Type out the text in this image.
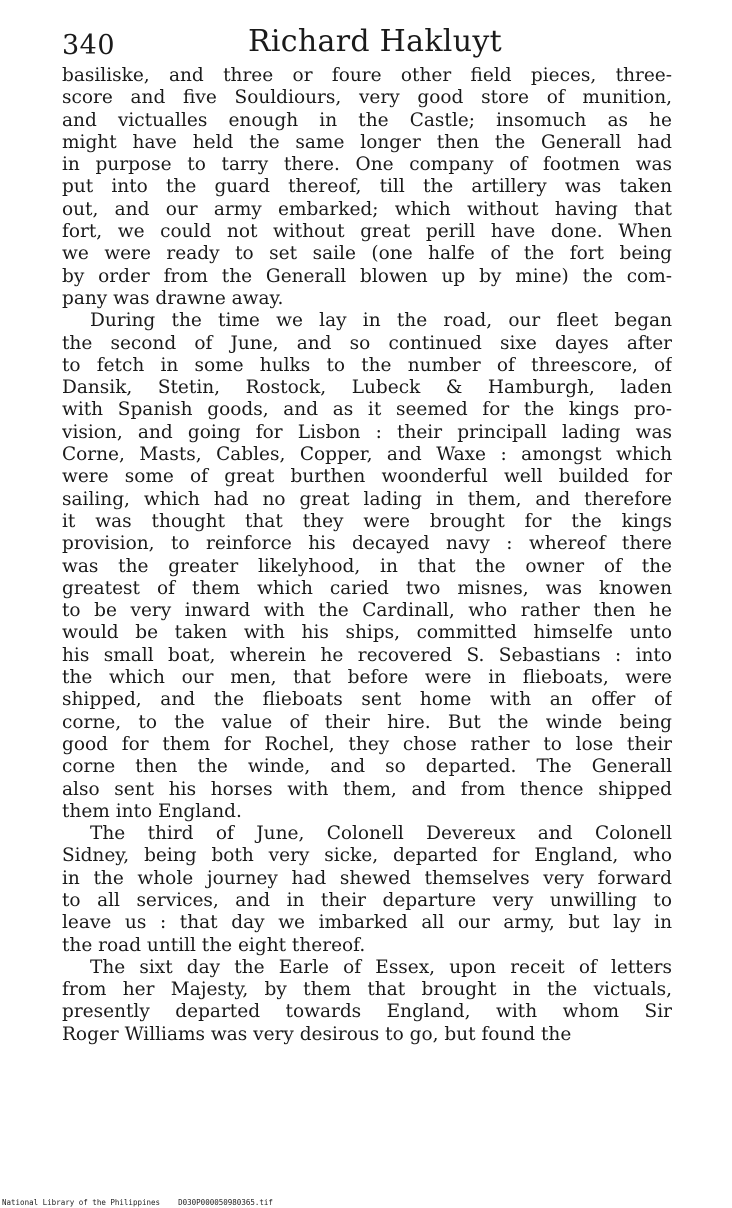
340	Richard Hakluyt
basiliske, and three or foure other field pieces, three-
score and five Souldiours, very good store of munition,
and victualles enough in the Castle; insomuch as he
might have held the same longer then the Generall had
in purpose to tarry there. One company of footmen was
put into the guard thereof, till the artillery was taken
out, and our army embarked; which without having that
fort, we could not without great perill have done. When
we were ready to set saile (one halfe of the fort being
by order from the Generall blowen up by mine) the com-
pany was drawne away.
During the time we lay in the road, our fleet began
the second of June, and so continued sixe dayes after
to fetch in some hulks to the number of threescore, of
Dansik, Stetin, Rostock, Lubeck & Hamburgh, laden
with Spanish goods, and as it seemed for the kings pro-
vision, and going for Lisbon : their principall lading was
Corne, Masts, Cables, Copper, and Waxe : amongst which
were some of great burthen woonderful well builded for
sailing, which had no great lading in them, and therefore
it was thought that they were brought for the kings
provision, to reinforce his decayed navy : whereof there
was the greater likelyhood, in that the owner of the
greatest of them which caried two misnes, was knowen
to be very inward with the Cardinall, who rather then he
would be taken with his ships, committed himselfe unto
his small boat, wherein he recovered S. Sebastians : into
the which our men, that before were in flieboats, were
shipped, and the flieboats sent home with an offer of
corne, to the value of their hire. But the winde being
good for them for Rochel, they chose rather to lose their
corne then the winde, and so departed. The Generall
also sent his horses with them, and from thence shipped
them into England.
The third of June, Colonell Devereux and Colonell
Sidney, being both very sicke, departed for England, who
in the whole journey had shewed themselves very forward
to all services, and in their departure very unwilling to
leave us : that day we imbarked all our army, but lay in
the road untill the eight thereof.
The sixt day the Earle of Essex, upon receit of letters
from her Majesty, by them that brought in the victuals,
presently departed towards England, with whom Sir
Roger Williams was very desirous to go, but found the
National Library of the Philippines    D030P000050980365.tif
